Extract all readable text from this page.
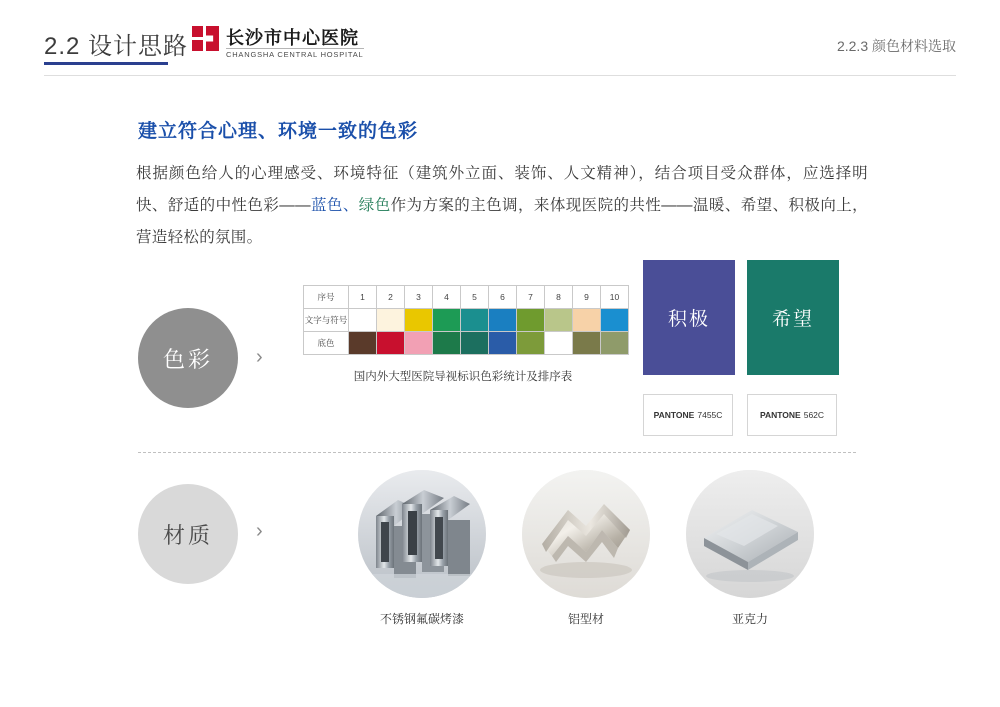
2.2 设计思路 长沙市中心医院
CHANGSHA CENTRAL HOSPITAL
2.2.3 颜色材料选取
建立符合心理、环境一致的色彩
根据颜色给人的心理感受、环境特征（建筑外立面、装饰、人文精神），结合项目受众群体，应选择明快、舒适的中性色彩——蓝色、绿色作为方案的主色调，来体现医院的共性——温暖、希望、积极向上，营造轻松的氛围。
色彩	›
序号	1	2	3	4	5	6	7	8	9	10
文字与符号										
底色										
国内外大型医院导视标识色彩统计及排序表
积极	希望
PANTONE 7455C	PANTONE 562C
材质	›
不锈钢氟碳烤漆	铝型材	亚克力
